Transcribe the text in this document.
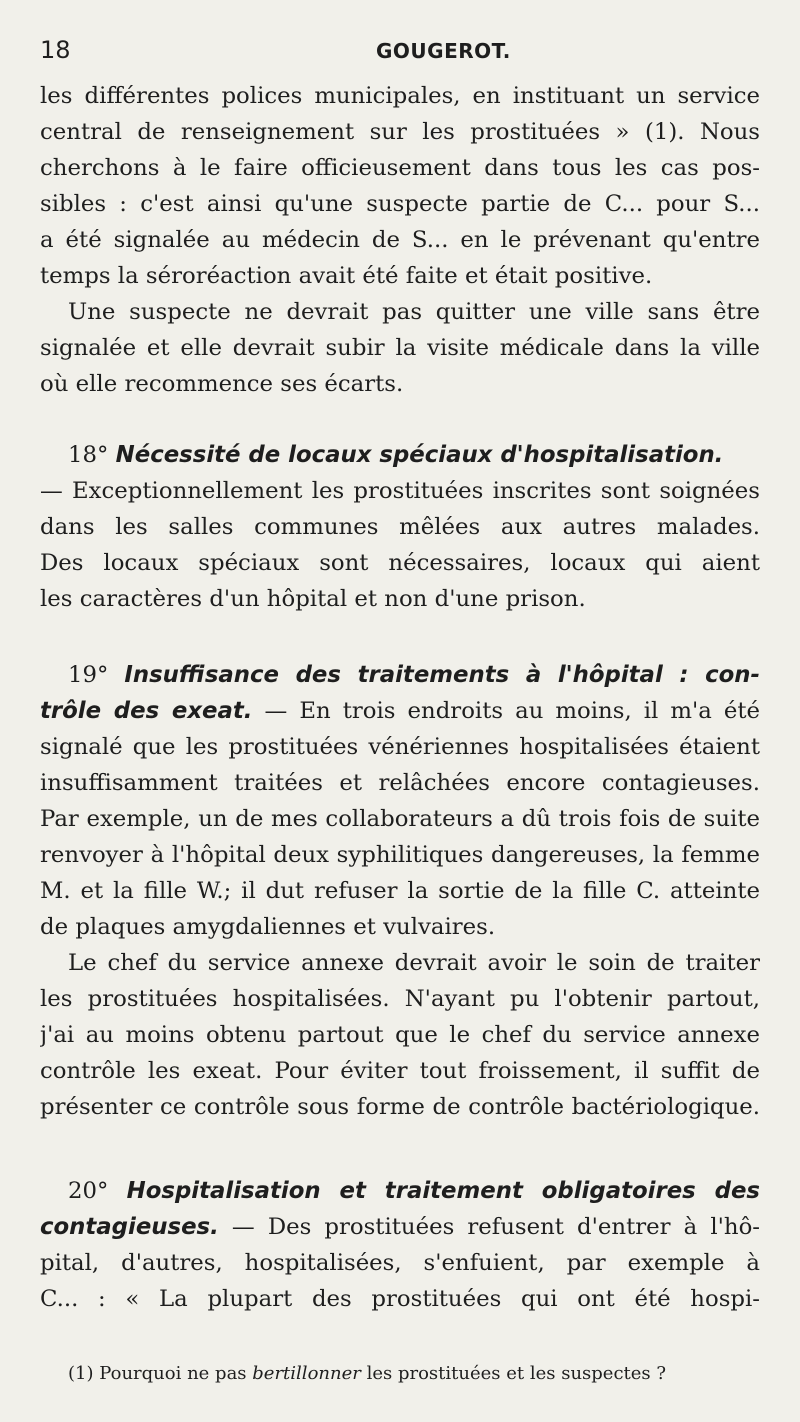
18	GOUGEROT.
les différentes polices municipales, en instituant un service
central de renseignement sur les prostituées » (1). Nous
cherchons à le faire officieusement dans tous les cas pos-
sibles : c'est ainsi qu'une suspecte partie de C... pour S...
a été signalée au médecin de S... en le prévenant qu'entre
temps la séroréaction avait été faite et était positive.
Une suspecte ne devrait pas quitter une ville sans être
signalée et elle devrait subir la visite médicale dans la ville
où elle recommence ses écarts.
18° Nécessité de locaux spéciaux d'hospitalisation.
— Exceptionnellement les prostituées inscrites sont soignées
dans les salles communes mêlées aux autres malades.
Des locaux spéciaux sont nécessaires, locaux qui aient
les caractères d'un hôpital et non d'une prison.
19° Insuffisance des traitements à l'hôpital : con-
trôle des exeat. — En trois endroits au moins, il m'a été
signalé que les prostituées vénériennes hospitalisées étaient
insuffisamment traitées et relâchées encore contagieuses.
Par exemple, un de mes collaborateurs a dû trois fois de suite
renvoyer à l'hôpital deux syphilitiques dangereuses, la femme
M. et la fille W.; il dut refuser la sortie de la fille C. atteinte
de plaques amygdaliennes et vulvaires.
Le chef du service annexe devrait avoir le soin de traiter
les prostituées hospitalisées. N'ayant pu l'obtenir partout,
j'ai au moins obtenu partout que le chef du service annexe
contrôle les exeat. Pour éviter tout froissement, il suffit de
présenter ce contrôle sous forme de contrôle bactériologique.
20° Hospitalisation et traitement obligatoires des
contagieuses. — Des prostituées refusent d'entrer à l'hô-
pital, d'autres, hospitalisées, s'enfuient, par exemple à
C... : « La plupart des prostituées qui ont été hospi-
(1) Pourquoi ne pas bertillonner les prostituées et les suspectes ?
